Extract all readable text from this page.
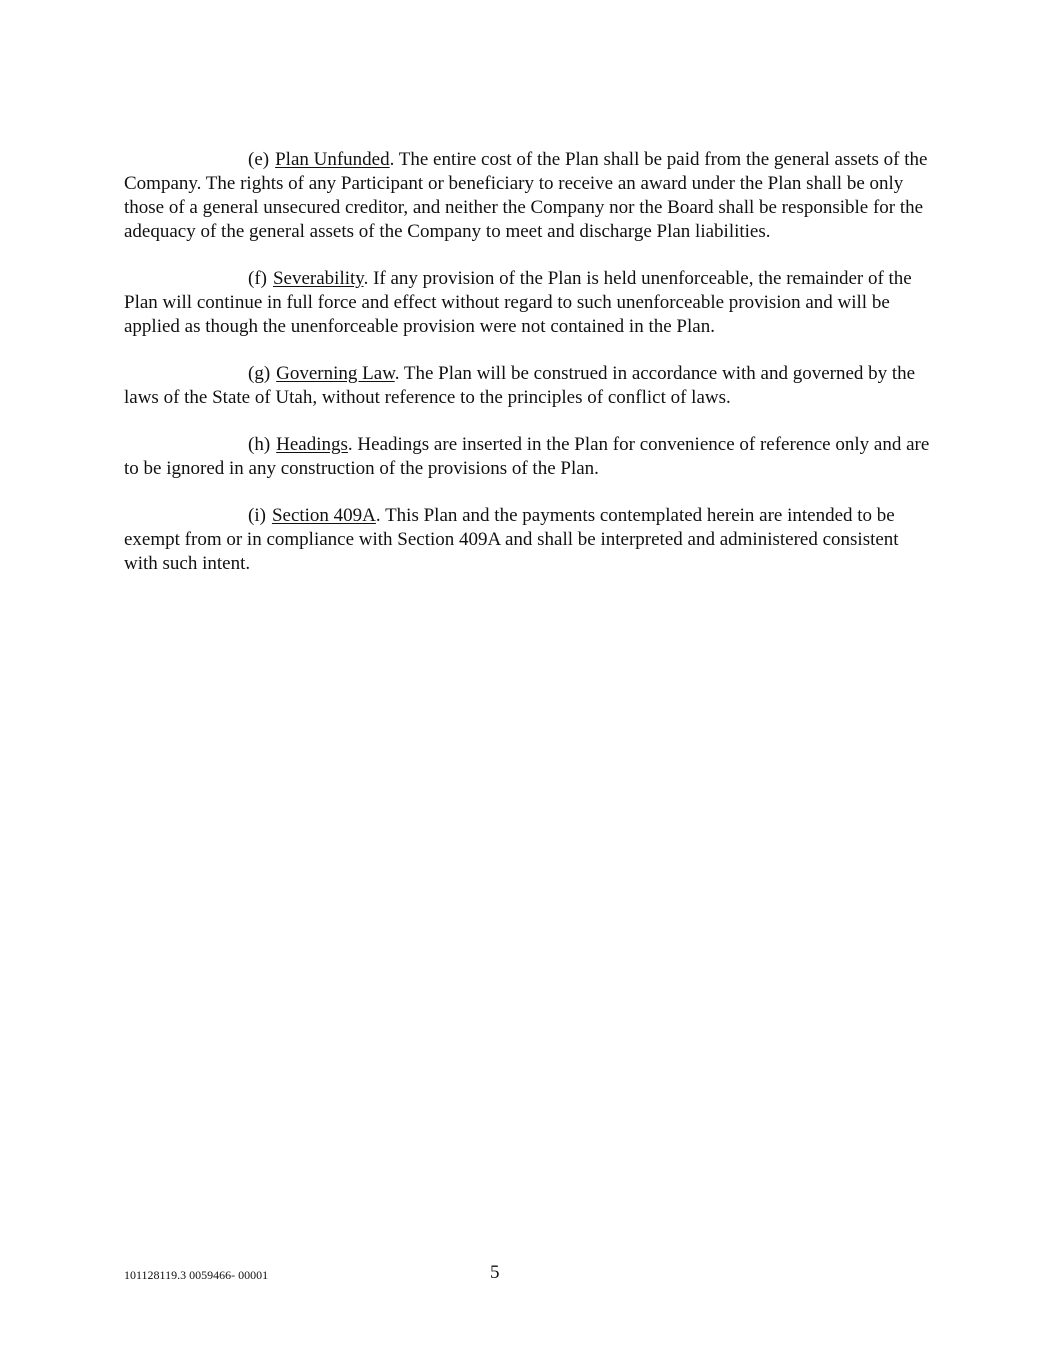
(e) Plan Unfunded. The entire cost of the Plan shall be paid from the general assets of the Company. The rights of any Participant or beneficiary to receive an award under the Plan shall be only those of a general unsecured creditor, and neither the Company nor the Board shall be responsible for the adequacy of the general assets of the Company to meet and discharge Plan liabilities.

(f) Severability. If any provision of the Plan is held unenforceable, the remainder of the Plan will continue in full force and effect without regard to such unenforceable provision and will be applied as though the unenforceable provision were not contained in the Plan.

(g) Governing Law. The Plan will be construed in accordance with and governed by the laws of the State of Utah, without reference to the principles of conflict of laws.

(h) Headings. Headings are inserted in the Plan for convenience of reference only and are to be ignored in any construction of the provisions of the Plan.

(i) Section 409A. This Plan and the payments contemplated herein are intended to be exempt from or in compliance with Section 409A and shall be interpreted and administered consistent with such intent.

101128119.3 0059466- 00001	5
